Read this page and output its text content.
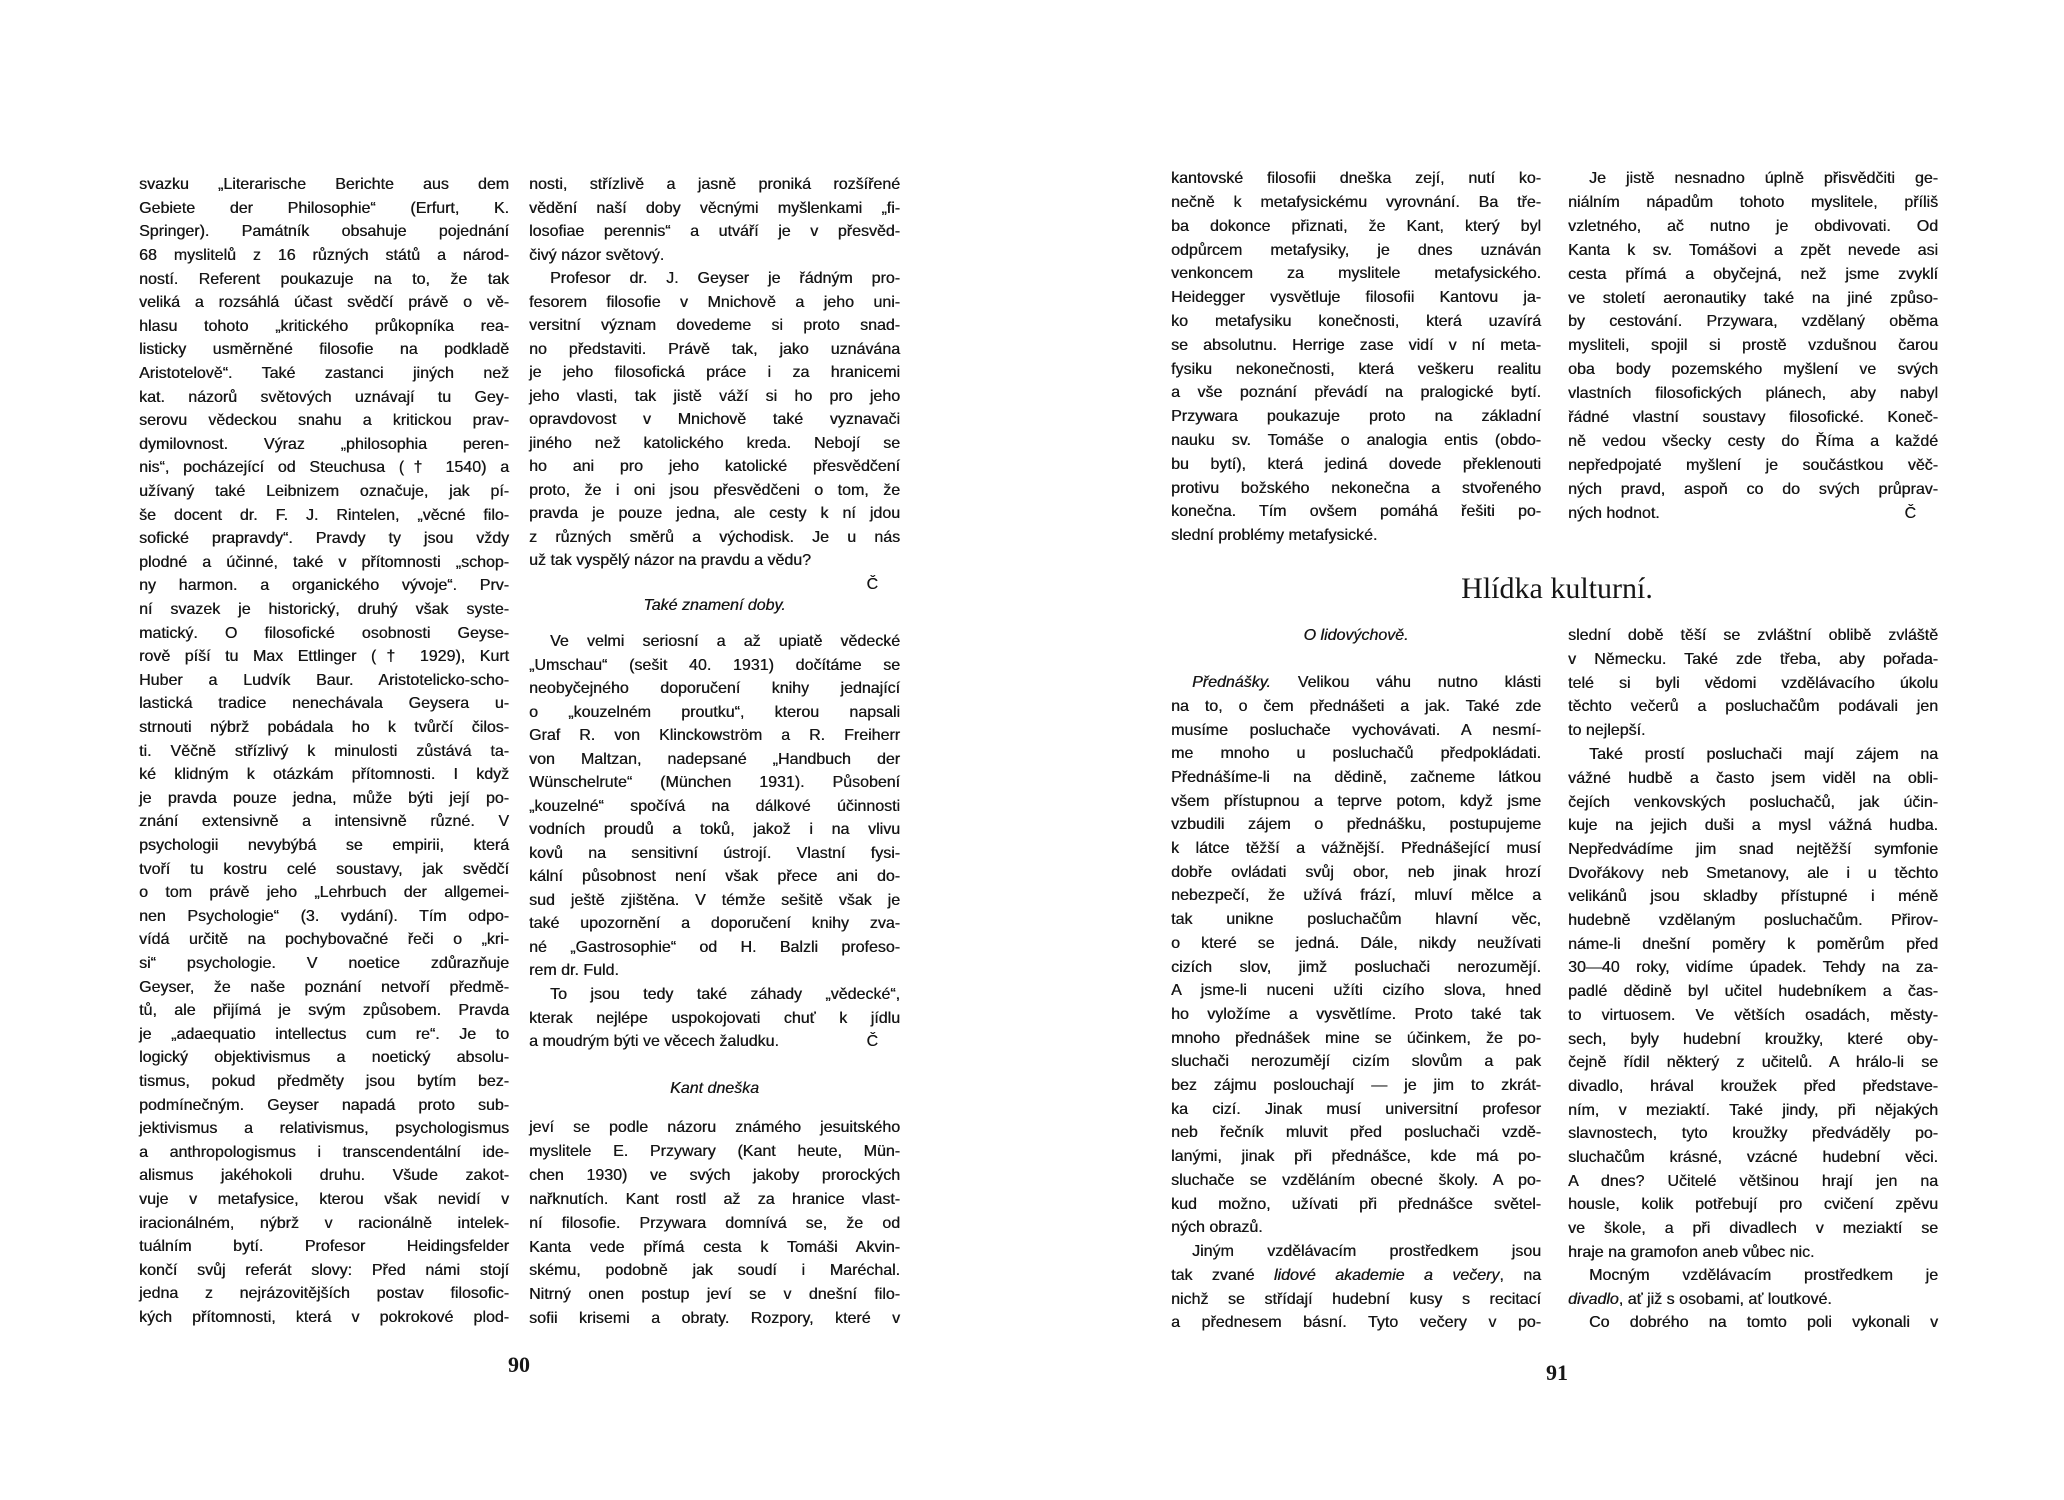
90
svazku „Literarische Berichte aus dem
Gebiete der Philosophie“ (Erfurt, K.
Springer). Památník obsahuje pojednání
68 myslitelů z 16 různých států a národ-
ností. Referent poukazuje na to, že tak
veliká a rozsáhlá účast svědčí právě o vě-
hlasu tohoto „kritického průkopníka rea-
listicky usměrněné filosofie na podkladě
Aristotelově“. Také zastanci jiných než
kat. názorů světových uznávají tu Gey-
serovu vědeckou snahu a kritickou prav-
dymilovnost. Výraz „philosophia peren-
nis“, pocházející od Steuchusa († 1540) a
užívaný také Leibnizem označuje, jak pí-
še docent dr. F. J. Rintelen, „věcné filo-
sofické prapravdy“. Pravdy ty jsou vždy
plodné a účinné, také v přítomnosti „schop-
ny harmon. a organického vývoje“. Prv-
ní svazek je historický, druhý však syste-
matický. O filosofické osobnosti Geyse-
rově píší tu Max Ettlinger († 1929), Kurt
Huber a Ludvík Baur. Aristotelicko-scho-
lastická tradice nenechávala Geysera u-
strnouti nýbrž pobádala ho k tvůrčí čilos-
ti. Věčně střízlivý k minulosti zůstává ta-
ké klidným k otázkám přítomnosti. I když
je pravda pouze jedna, může býti její po-
znání extensivně a intensivně různé. V
psychologii nevybýbá se empirii, která
tvoří tu kostru celé soustavy, jak svědčí
o tom právě jeho „Lehrbuch der allgemei-
nen Psychologie“ (3. vydání). Tím odpo-
vídá určitě na pochybovačné řeči o „kri-
si“ psychologie. V noetice zdůrazňuje
Geyser, že naše poznání netvoří předmě-
tů, ale přijímá je svým způsobem. Pravda
je „adaequatio intellectus cum re“. Je to
logický objektivismus a noetický absolu-
tismus, pokud předměty jsou bytím bez-
podmínečným. Geyser napadá proto sub-
jektivismus a relativismus, psychologismus
a anthropologismus i transcendentální ide-
alismus jakéhokoli druhu. Všude zakot-
vuje v metafysice, kterou však nevidí v
iracionálném, nýbrž v racionálně intelek-
tuálním bytí. Profesor Heidingsfelder
končí svůj referát slovy: Před námi stojí
jedna z nejrázovitějších postav filosofic-
kých přítomnosti, která v pokrokové plod-
nosti, střízlivě a jasně proniká rozšířené
vědění naší doby věcnými myšlenkami „fi-
losofiae perennis“ a utváří je v přesvěd-
čivý názor světový.
Profesor dr. J. Geyser je řádným pro-
fesorem filosofie v Mnichově a jeho uni-
versitní význam dovedeme si proto snad-
no představiti. Právě tak, jako uznávána
je jeho filosofická práce i za hranicemi
jeho vlasti, tak jistě váží si ho pro jeho
opravdovost v Mnichově také vyznavači
jiného než katolického kreda. Nebojí se
ho ani pro jeho katolické přesvědčení
proto, že i oni jsou přesvědčeni o tom, že
pravda je pouze jedna, ale cesty k ní jdou
z různých směrů a východisk. Je u nás
už tak vyspělý názor na pravdu a vědu?
Č
Také znamení doby.
Ve velmi seriosní a až upiatě vědecké
„Umschau“ (sešit 40. 1931) dočítáme se
neobyčejného doporučení knihy jednající
o „kouzelném proutku“, kterou napsali
Graf R. von Klinckowström a R. Freiherr
von Maltzan, nadepsané „Handbuch der
Wünschelrute“ (München 1931). Působení
„kouzelné“ spočívá na dálkové účinnosti
vodních proudů a toků, jakož i na vlivu
kovů na sensitivní ústrojí. Vlastní fysi-
kální působnost není však přece ani do-
sud ještě zjištěna. V témže sešitě však je
také upozornění a doporučení knihy zva-
né „Gastrosophie“ od H. Balzli profeso-
rem dr. Fuld.
To jsou tedy také záhady „vědecké“,
kterak nejlépe uspokojovati chuť k jídlu
a moudrým býti ve věcech žaludku.	Č
Kant dneška
jeví se podle názoru známého jesuitského
myslitele E. Przywary (Kant heute, Mün-
chen 1930) ve svých jakoby prorockých
nařknutích. Kant rostl až za hranice vlast-
ní filosofie. Przywara domnívá se, že od
Kanta vede přímá cesta k Tomáši Akvin-
skému, podobně jak soudí i Maréchal.
Nitrný onen postup jeví se v dnešní filo-
sofii krisemi a obraty. Rozpory, které v
Hlídka kulturní.
91
kantovské filosofii dneška zejí, nutí ko-
nečně k metafysickému vyrovnání. Ba tře-
ba dokonce přiznati, že Kant, který byl
odpůrcem metafysiky, je dnes uznáván
venkoncem za myslitele metafysického.
Heidegger vysvětluje filosofii Kantovu ja-
ko metafysiku konečnosti, která uzavírá
se absolutnu. Herrige zase vidí v ní meta-
fysiku nekonečnosti, která veškeru realitu
a vše poznání převádí na pralogické bytí.
Przywara poukazuje proto na základní
nauku sv. Tomáše o analogia entis (obdo-
bu bytí), která jediná dovede překlenouti
protivu božského nekonečna a stvořeného
konečna. Tím ovšem pomáhá řešiti po-
slední problémy metafysické.
O lidovýchově.
Přednášky. Velikou váhu nutno klásti
na to, o čem přednášeti a jak. Také zde
musíme posluchače vychovávati. A nesmí-
me mnoho u posluchačů předpokládati.
Přednášíme-li na dědině, začneme látkou
všem přístupnou a teprve potom, když jsme
vzbudili zájem o přednášku, postupujeme
k látce těžší a vážnější. Přednášející musí
dobře ovládati svůj obor, neb jinak hrozí
nebezpečí, že užívá frází, mluví mělce a
tak unikne posluchačům hlavní věc,
o které se jedná. Dále, nikdy neužívati
cizích slov, jimž posluchači nerozumějí.
A jsme-li nuceni užíti cizího slova, hned
ho vyložíme a vysvětlíme. Proto také tak
mnoho přednášek mine se účinkem, že po-
sluchači nerozumějí cizím slovům a pak
bez zájmu poslouchají — je jim to zkrát-
ka cizí. Jinak musí universitní profesor
neb řečník mluvit před posluchači vzdě-
lanými, jinak při přednášce, kde má po-
sluchače se vzděláním obecné školy. A po-
kud možno, užívati při přednášce světel-
ných obrazů.
Jiným vzdělávacím prostředkem jsou
tak zvané lidové akademie a večery, na
nichž se střídají hudební kusy s recitací
a přednesem básní. Tyto večery v po-
Je jistě nesnadno úplně přisvědčiti ge-
niálním nápadům tohoto myslitele, příliš
vzletného, ač nutno je obdivovati. Od
Kanta k sv. Tomášovi a zpět nevede asi
cesta přímá a obyčejná, než jsme zvyklí
ve století aeronautiky také na jiné způso-
by cestování. Przywara, vzdělaný oběma
mysliteli, spojil si prostě vzdušnou čarou
oba body pozemského myšlení ve svých
vlastních filosofických plánech, aby nabyl
řádné vlastní soustavy filosofické. Koneč-
ně vedou všecky cesty do Říma a každé
nepředpojaté myšlení je součástkou věč-
ných pravd, aspoň co do svých průprav-
ných hodnot.	Č
slední době těší se zvláštní oblibě zvláště
v Německu. Také zde třeba, aby pořada-
telé si byli vědomi vzdělávacího úkolu
těchto večerů a posluchačům podávali jen
to nejlepší.
Také prostí posluchači mají zájem na
vážné hudbě a často jsem viděl na obli-
čejích venkovských posluchačů, jak účin-
kuje na jejich duši a mysl vážná hudba.
Nepředvádíme jim snad nejtěžší symfonie
Dvořákovy neb Smetanovy, ale i u těchto
velikánů jsou skladby přístupné i méně
hudebně vzdělaným posluchačům. Přirov-
náme-li dnešní poměry k poměrům před
30—40 roky, vidíme úpadek. Tehdy na za-
padlé dědině byl učitel hudebníkem a čas-
to virtuosem. Ve větších osadách, městy-
sech, byly hudební kroužky, které oby-
čejně řídil některý z učitelů. A hrálo-li se
divadlo, hrával kroužek před představe-
ním, v meziaktí. Také jindy, při nějakých
slavnostech, tyto kroužky předváděly po-
sluchačům krásné, vzácné hudební věci.
A dnes? Učitelé většinou hrají jen na
housle, kolik potřebují pro cvičení zpěvu
ve škole, a při divadlech v meziaktí se
hraje na gramofon aneb vůbec nic.
Mocným vzdělávacím prostředkem je
divadlo, ať již s osobami, ať loutkové.
Co dobrého na tomto poli vykonali v
